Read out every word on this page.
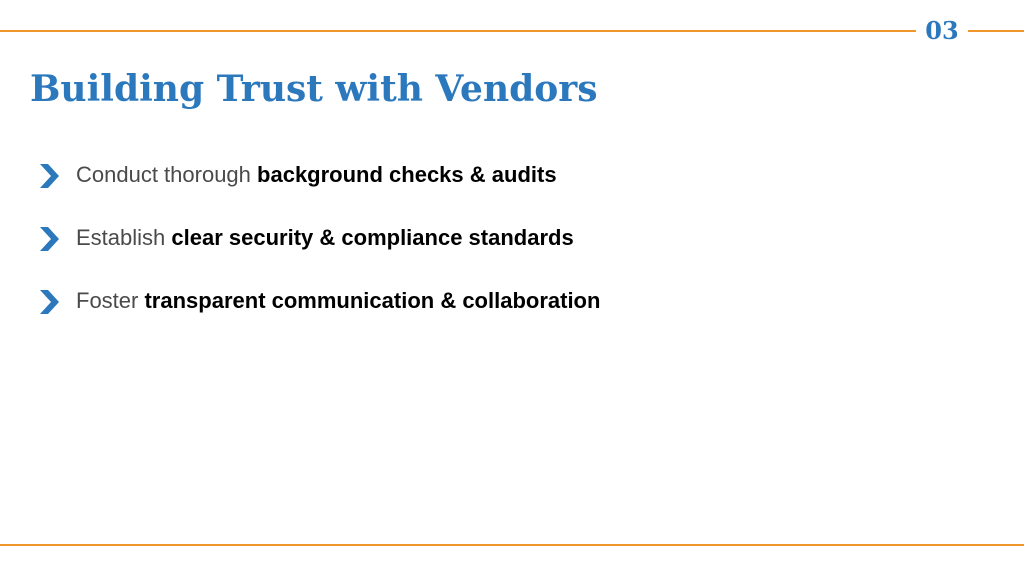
03
Building Trust with Vendors
Conduct thorough background checks & audits
Establish clear security & compliance standards
Foster transparent communication & collaboration
